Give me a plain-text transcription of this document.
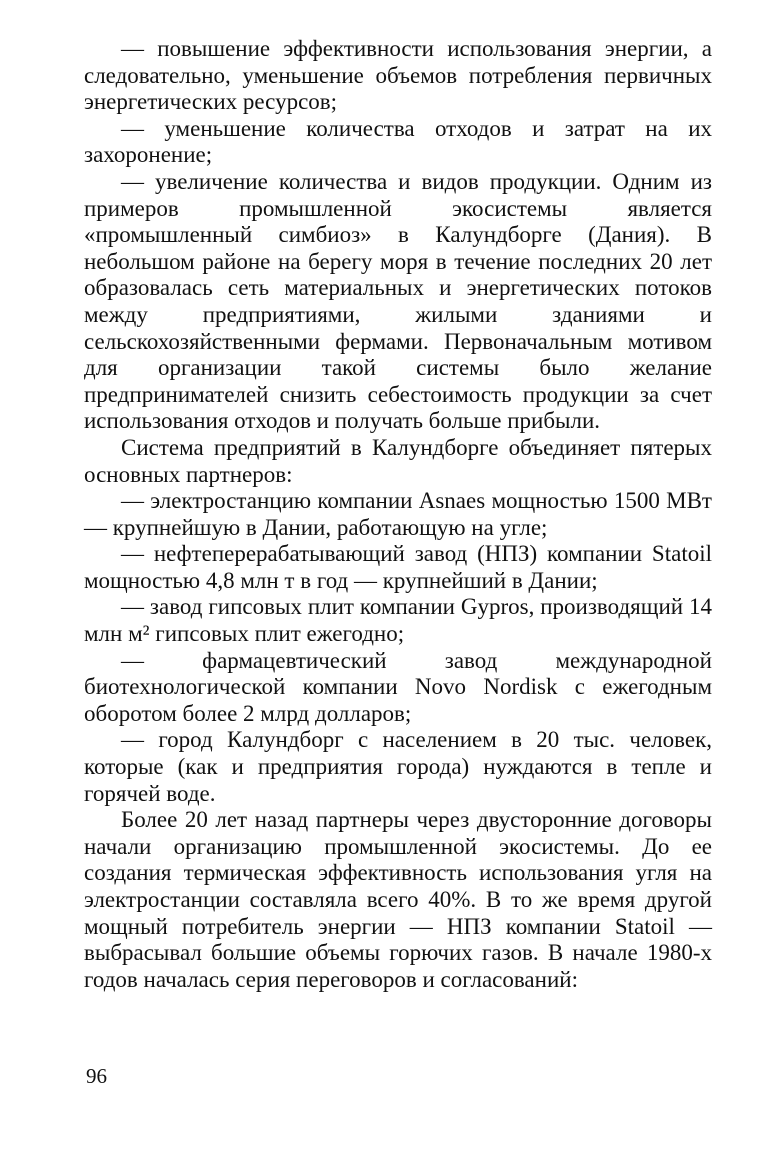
— повышение эффективности использования энергии, а следовательно, уменьшение объемов потребления первичных энергетических ресурсов;

— уменьшение количества отходов и затрат на их захоронение;

— увеличение количества и видов продукции. Одним из примеров промышленной экосистемы является «промышленный симбиоз» в Калундборге (Дания). В небольшом районе на берегу моря в течение последних 20 лет образовалась сеть материальных и энергетических потоков между предприятиями, жилыми зданиями и сельскохозяйственными фермами. Первоначальным мотивом для организации такой системы было желание предпринимателей снизить себестоимость продукции за счет использования отходов и получать больше прибыли.

Система предприятий в Калундборге объединяет пятерых основных партнеров:

— электростанцию компании Asnaes мощностью 1500 МВт — крупнейшую в Дании, работающую на угле;

— нефтеперерабатывающий завод (НПЗ) компании Statoil мощностью 4,8 млн т в год — крупнейший в Дании;

— завод гипсовых плит компании Gypros, производящий 14 млн м² гипсовых плит ежегодно;

— фармацевтический завод международной биотехнологической компании Novo Nordisk с ежегодным оборотом более 2 млрд долларов;

— город Калундборг с населением в 20 тыс. человек, которые (как и предприятия города) нуждаются в тепле и горячей воде.

Более 20 лет назад партнеры через двусторонние договоры начали организацию промышленной экосистемы. До ее создания термическая эффективность использования угля на электростанции составляла всего 40%. В то же время другой мощный потребитель энергии — НПЗ компании Statoil — выбрасывал большие объемы горючих газов. В начале 1980-х годов началась серия переговоров и согласований:

96
